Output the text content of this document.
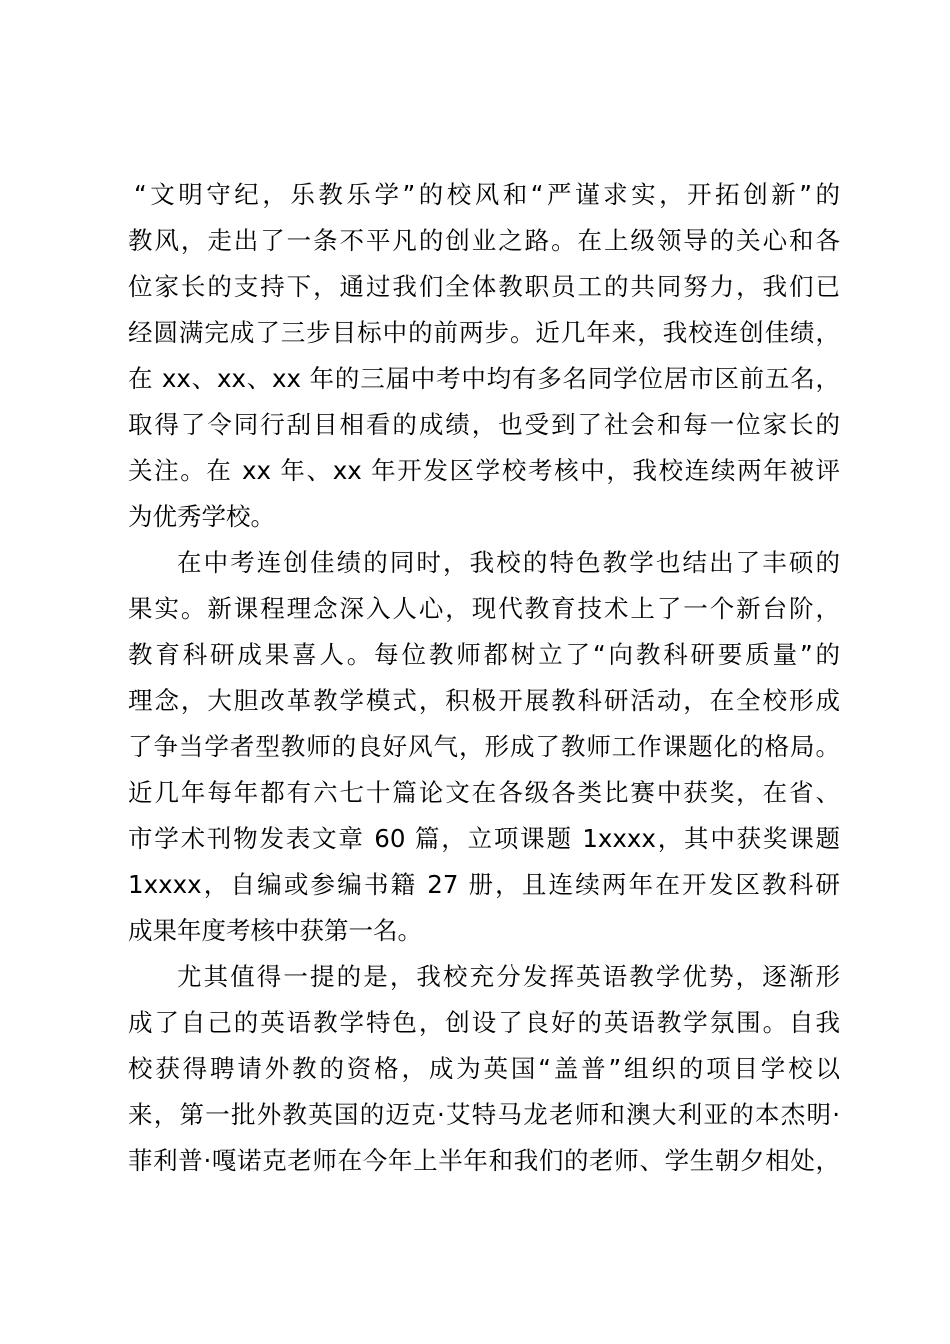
“文明守纪，乐教乐学”的校风和“严谨求实，开拓创新”的
教风，走出了一条不平凡的创业之路。在上级领导的关心和各
位家长的支持下，通过我们全体教职员工的共同努力，我们已
经圆满完成了三步目标中的前两步。近几年来，我校连创佳绩，
在 xx、xx、xx 年的三届中考中均有多名同学位居市区前五名，
取得了令同行刮目相看的成绩，也受到了社会和每一位家长的
关注。在 xx 年、xx 年开发区学校考核中，我校连续两年被评
为优秀学校。
在中考连创佳绩的同时，我校的特色教学也结出了丰硕的
果实。新课程理念深入人心，现代教育技术上了一个新台阶，
教育科研成果喜人。每位教师都树立了“向教科研要质量”的
理念，大胆改革教学模式，积极开展教科研活动，在全校形成
了争当学者型教师的良好风气，形成了教师工作课题化的格局。
近几年每年都有六七十篇论文在各级各类比赛中获奖，在省、
市学术刊物发表文章 60 篇，立项课题 1xxxx，其中获奖课题
1xxxx，自编或参编书籍 27 册，且连续两年在开发区教科研
成果年度考核中获第一名。
尤其值得一提的是，我校充分发挥英语教学优势，逐渐形
成了自己的英语教学特色，创设了良好的英语教学氛围。自我
校获得聘请外教的资格，成为英国“盖普”组织的项目学校以
来，第一批外教英国的迈克·艾特马龙老师和澳大利亚的本杰明·
菲利普·嘎诺克老师在今年上半年和我们的老师、学生朝夕相处，
